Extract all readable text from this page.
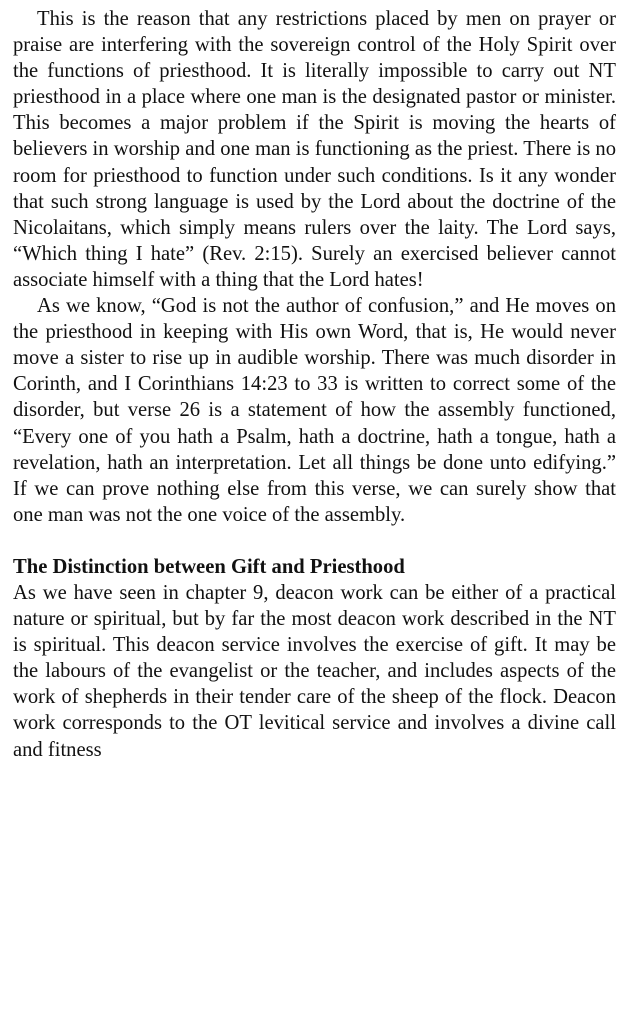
This is the reason that any restrictions placed by men on prayer or praise are interfering with the sovereign control of the Holy Spirit over the functions of priesthood. It is literally impossible to carry out NT priesthood in a place where one man is the designated pastor or minister. This becomes a major problem if the Spirit is moving the hearts of believers in worship and one man is functioning as the priest. There is no room for priesthood to function under such conditions. Is it any wonder that such strong language is used by the Lord about the doctrine of the Nicolaitans, which simply means rulers over the laity. The Lord says, “Which thing I hate” (Rev. 2:15). Surely an exercised believer cannot associate himself with a thing that the Lord hates!

As we know, “God is not the author of confusion,” and He moves on the priesthood in keeping with His own Word, that is, He would never move a sister to rise up in audible worship. There was much disorder in Corinth, and I Corinthians 14:23 to 33 is written to correct some of the disorder, but verse 26 is a statement of how the assembly functioned, “Every one of you hath a Psalm, hath a doctrine, hath a tongue, hath a revelation, hath an interpretation. Let all things be done unto edifying.” If we can prove nothing else from this verse, we can surely show that one man was not the one voice of the assembly.

The Distinction between Gift and Priesthood

As we have seen in chapter 9, deacon work can be either of a practical nature or spiritual, but by far the most deacon work described in the NT is spiritual. This deacon service involves the exercise of gift. It may be the labours of the evangelist or the teacher, and includes aspects of the work of shepherds in their tender care of the sheep of the flock. Deacon work corresponds to the OT levitical service and involves a divine call and fitness
